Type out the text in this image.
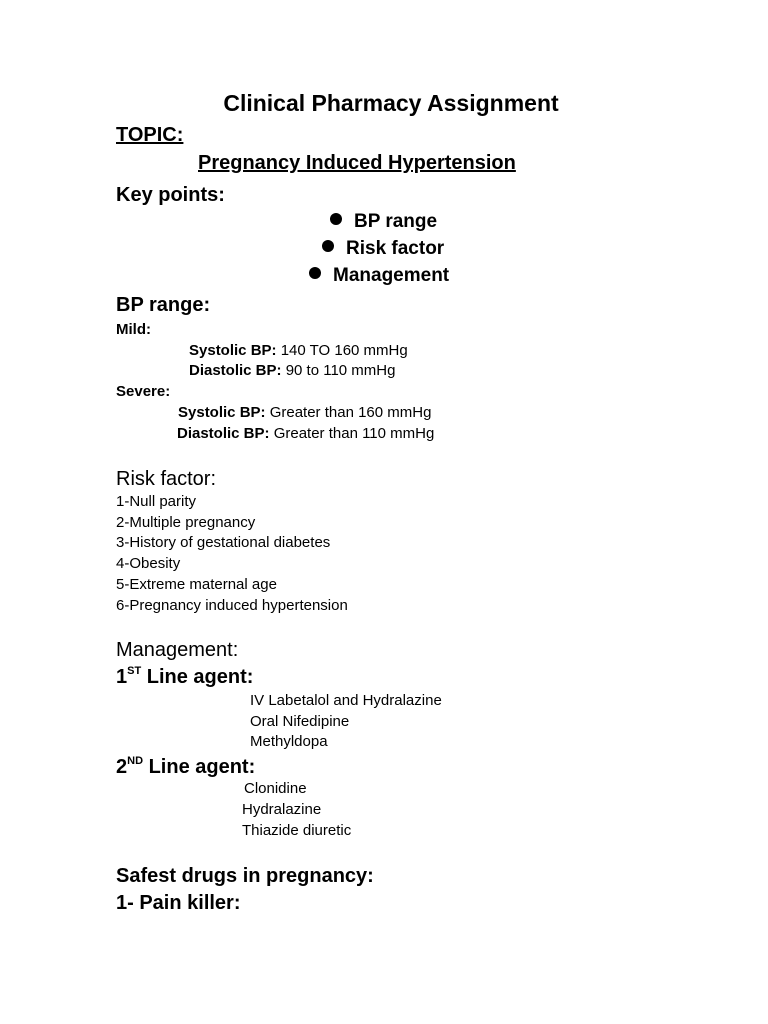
Clinical Pharmacy Assignment
TOPIC:
Pregnancy Induced Hypertension
Key points:
BP range
Risk factor
Management
BP range:
Mild:
Systolic BP: 140 TO 160 mmHg
Diastolic BP: 90 to 110 mmHg
Severe:
Systolic BP: Greater than 160 mmHg
Diastolic BP: Greater than 110 mmHg
Risk factor:
1-Null parity
2-Multiple pregnancy
3-History of gestational diabetes
4-Obesity
5-Extreme maternal age
6-Pregnancy induced hypertension
Management:
1ST Line agent:
IV Labetalol and Hydralazine
Oral Nifedipine
Methyldopa
2ND Line agent:
Clonidine
Hydralazine
Thiazide diuretic
Safest drugs in pregnancy:
1- Pain killer:
